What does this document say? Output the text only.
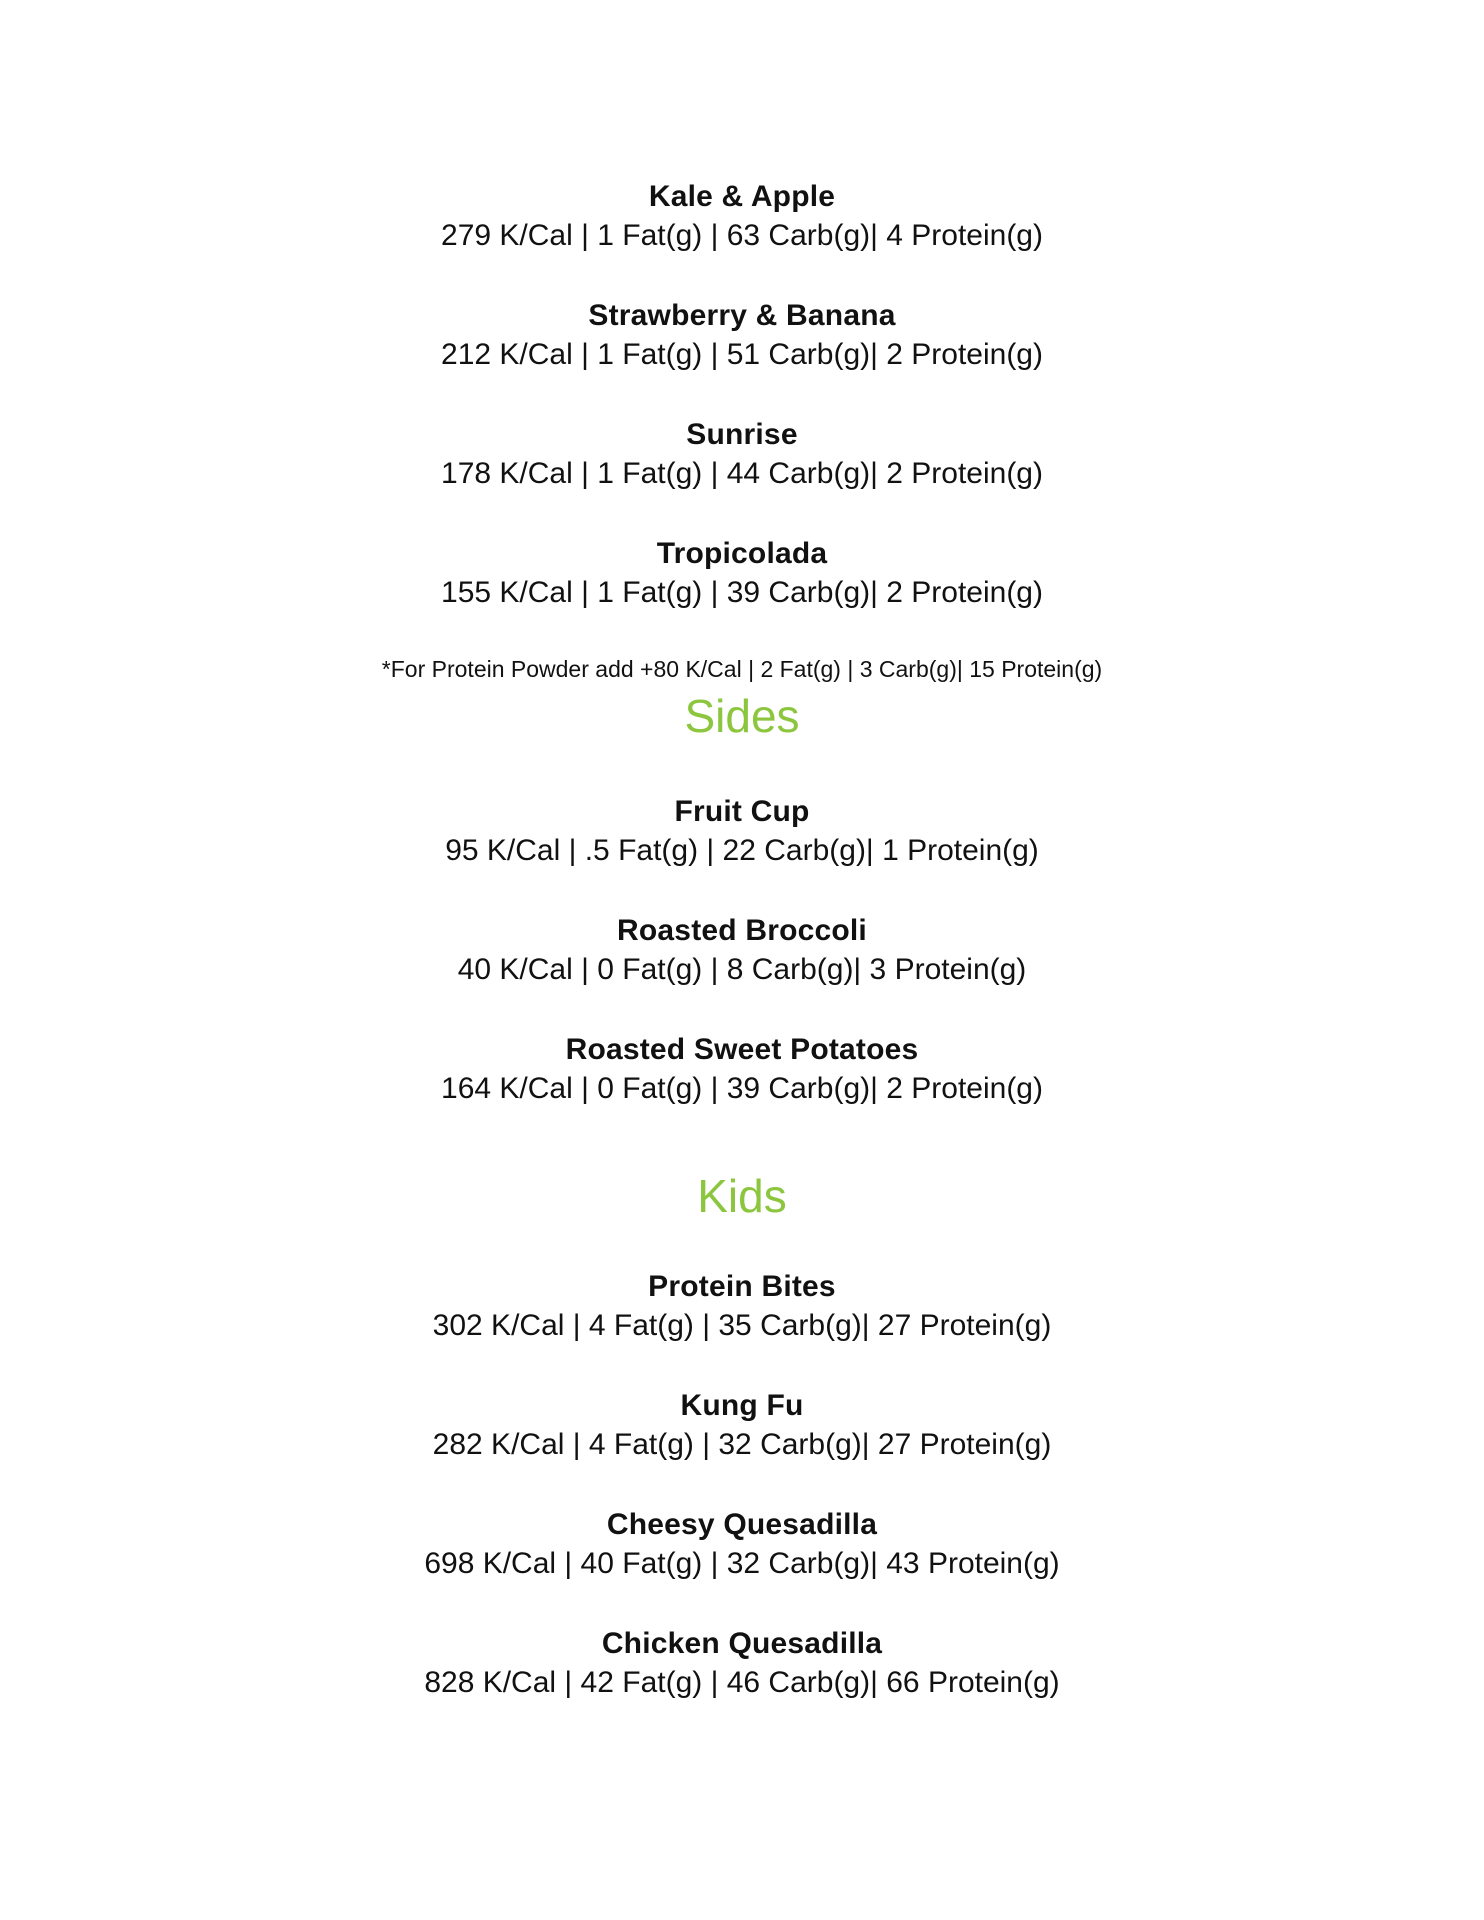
Kale & Apple
279 K/Cal | 1 Fat(g) | 63 Carb(g)| 4 Protein(g)
Strawberry & Banana
212 K/Cal | 1 Fat(g) | 51 Carb(g)| 2 Protein(g)
Sunrise
178 K/Cal | 1 Fat(g) | 44 Carb(g)| 2 Protein(g)
Tropicolada
155 K/Cal | 1 Fat(g) | 39 Carb(g)| 2 Protein(g)
*For Protein Powder add +80 K/Cal | 2 Fat(g) | 3 Carb(g)| 15 Protein(g)
Sides
Fruit Cup
95 K/Cal | .5 Fat(g) | 22 Carb(g)| 1 Protein(g)
Roasted Broccoli
40 K/Cal | 0 Fat(g) | 8 Carb(g)| 3 Protein(g)
Roasted Sweet Potatoes
164 K/Cal | 0 Fat(g) | 39 Carb(g)| 2 Protein(g)
Kids
Protein Bites
302 K/Cal | 4 Fat(g) | 35 Carb(g)| 27 Protein(g)
Kung Fu
282 K/Cal | 4 Fat(g) | 32 Carb(g)| 27 Protein(g)
Cheesy Quesadilla
698 K/Cal | 40 Fat(g) | 32 Carb(g)| 43 Protein(g)
Chicken Quesadilla
828 K/Cal | 42 Fat(g) | 46 Carb(g)| 66 Protein(g)
